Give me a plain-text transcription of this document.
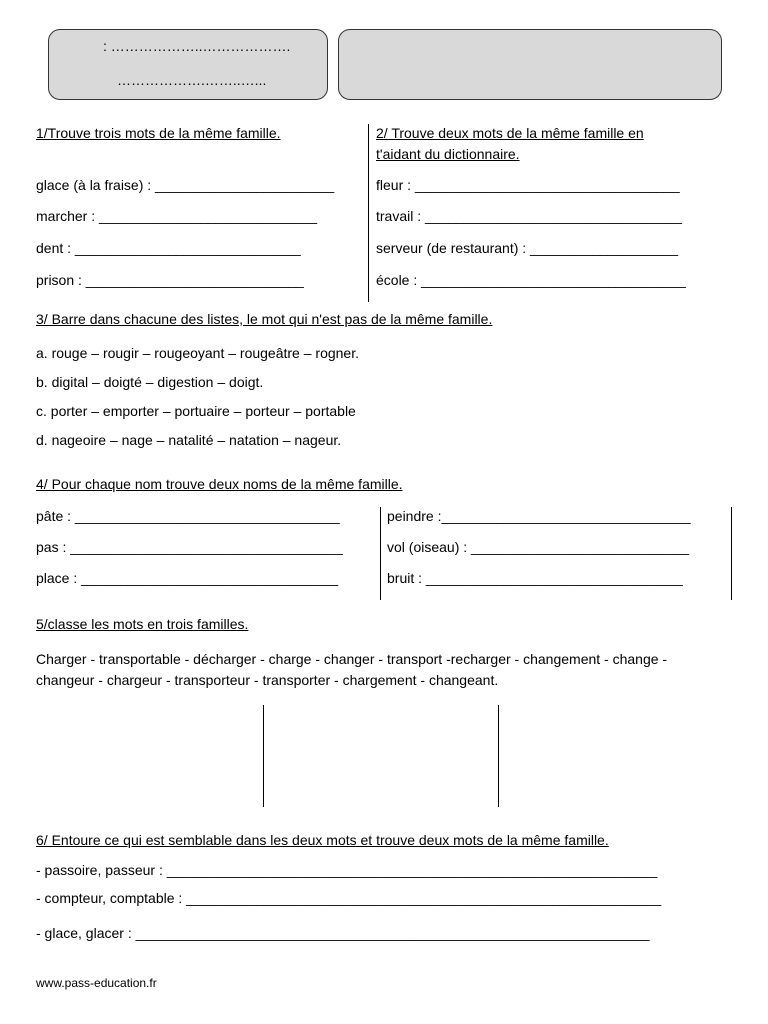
: ………………..……………….
……………….……..…...
1/Trouve trois mots de la même famille.
glace (à la fraise) : _______________________
marcher : ____________________________
dent : _____________________________
prison : ____________________________
2/ Trouve deux mots de la même famille en
t'aidant du dictionnaire.
fleur : __________________________________
travail : _________________________________
serveur (de restaurant) : ___________________
école : __________________________________
3/ Barre dans chacune des listes, le mot qui n'est pas de la même famille.
a. rouge – rougir – rougeoyant – rougeâtre – rogner.
b. digital – doigté – digestion – doigt.
c. porter – emporter – portuaire – porteur – portable
d. nageoire – nage – natalité – natation – nageur.
4/ Pour chaque nom trouve deux noms de la même famille.
pâte : __________________________________
pas : ___________________________________
place : _________________________________
peindre :________________________________
vol (oiseau) : ____________________________
bruit : _________________________________
5/classe les mots en trois familles.
Charger - transportable - décharger - charge - changer - transport -recharger - changement - change -
changeur - chargeur - transporteur - transporter - chargement - changeant.
6/ Entoure ce qui est semblable dans les deux mots et trouve deux mots de la même famille.
- passoire, passeur : _______________________________________________________________
- compteur, comptable : _____________________________________________________________
- glace, glacer : __________________________________________________________________
www.pass-education.fr
